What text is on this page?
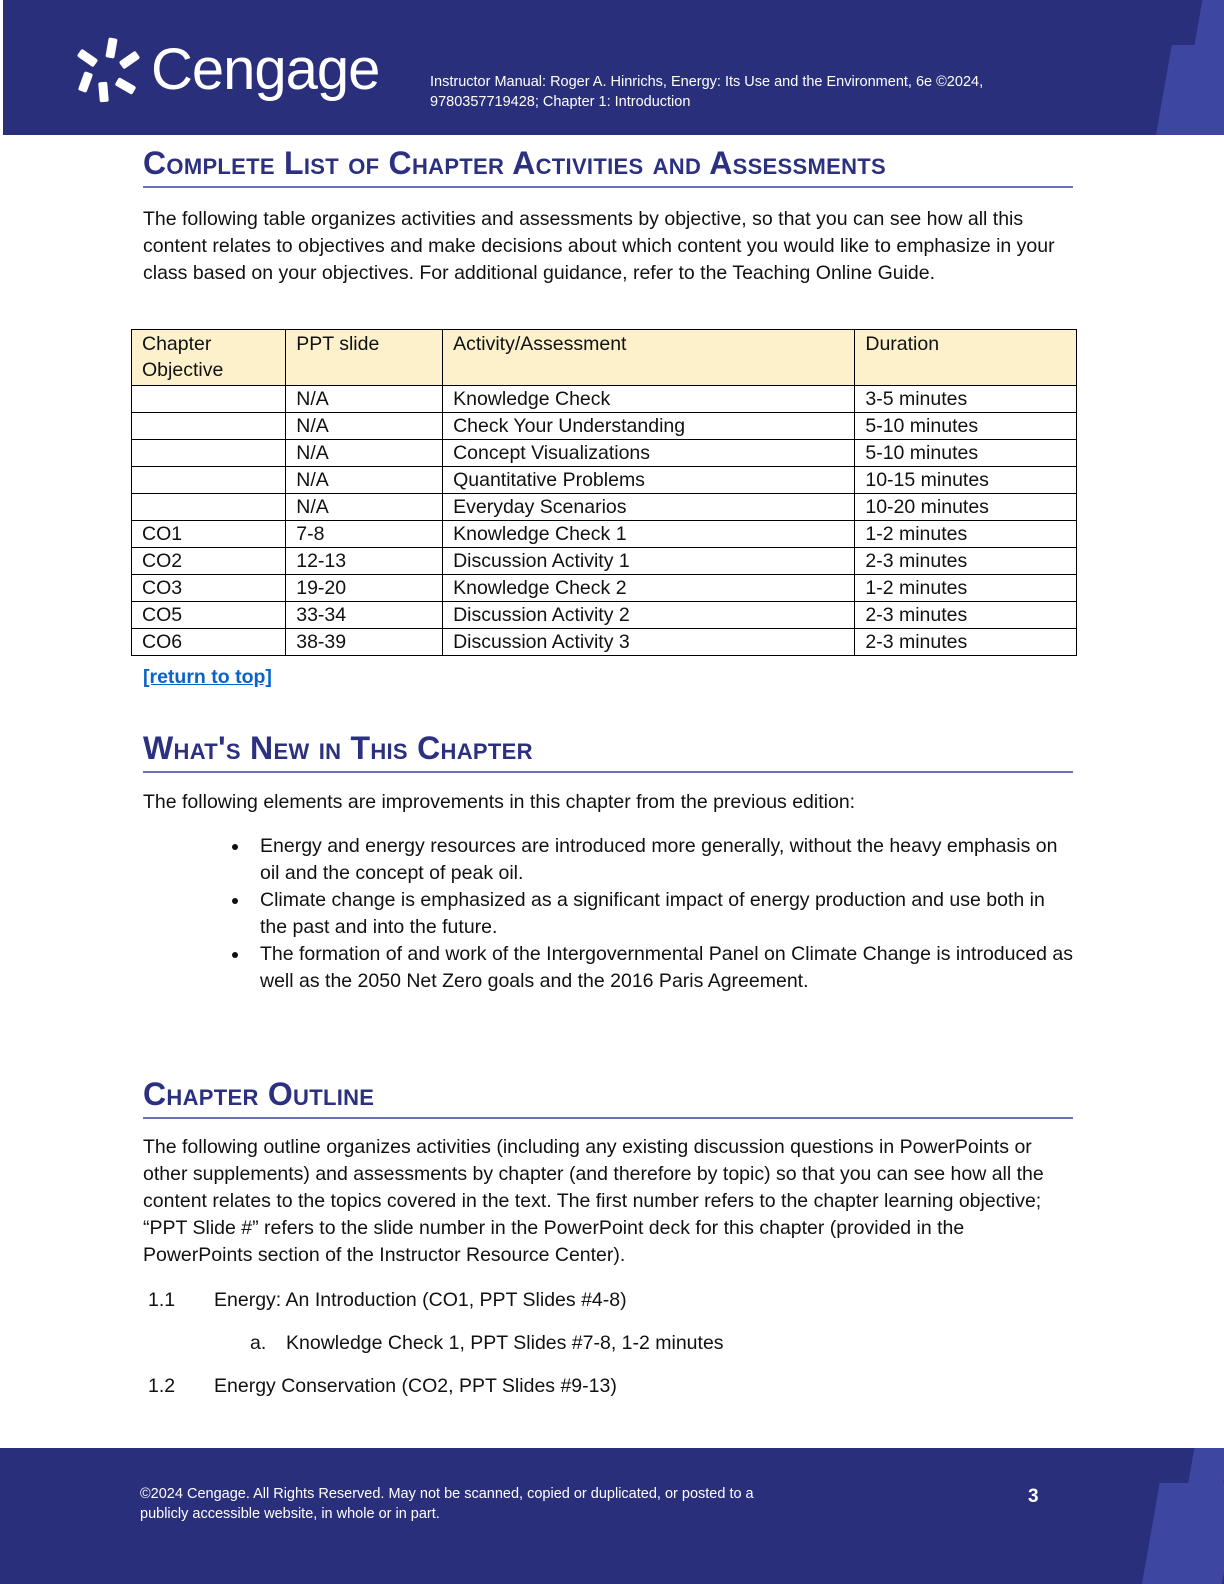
Cengage	Instructor Manual: Roger A. Hinrichs, Energy: Its Use and the Environment, 6e ©2024,
9780357719428; Chapter 1: Introduction
Complete List of Chapter Activities and Assessments

The following table organizes activities and assessments by objective, so that you can see how all this content relates to objectives and make decisions about which content you would like to emphasize in your class based on your objectives. For additional guidance, refer to the Teaching Online Guide.

Chapter Objective	PPT slide	Activity/Assessment	Duration
	N/A	Knowledge Check	3-5 minutes
	N/A	Check Your Understanding	5-10 minutes
	N/A	Concept Visualizations	5-10 minutes
	N/A	Quantitative Problems	10-15 minutes
	N/A	Everyday Scenarios	10-20 minutes
CO1	7-8	Knowledge Check 1	1-2 minutes
CO2	12-13	Discussion Activity 1	2-3 minutes
CO3	19-20	Knowledge Check 2	1-2 minutes
CO5	33-34	Discussion Activity 2	2-3 minutes
CO6	38-39	Discussion Activity 3	2-3 minutes
[return to top]
What's New in This Chapter

The following elements are improvements in this chapter from the previous edition:

• Energy and energy resources are introduced more generally, without the heavy emphasis on oil and the concept of peak oil.
• Climate change is emphasized as a significant impact of energy production and use both in the past and into the future.
• The formation of and work of the Intergovernmental Panel on Climate Change is introduced as well as the 2050 Net Zero goals and the 2016 Paris Agreement.
Chapter Outline

The following outline organizes activities (including any existing discussion questions in PowerPoints or other supplements) and assessments by chapter (and therefore by topic) so that you can see how all the content relates to the topics covered in the text. The first number refers to the chapter learning objective; “PPT Slide #” refers to the slide number in the PowerPoint deck for this chapter (provided in the PowerPoints section of the Instructor Resource Center).

1.1 Energy: An Introduction (CO1, PPT Slides #4-8)
a. Knowledge Check 1, PPT Slides #7-8, 1-2 minutes
1.2 Energy Conservation (CO2, PPT Slides #9-13)
©2024 Cengage. All Rights Reserved. May not be scanned, copied or duplicated, or posted to a
publicly accessible website, in whole or in part.
3
